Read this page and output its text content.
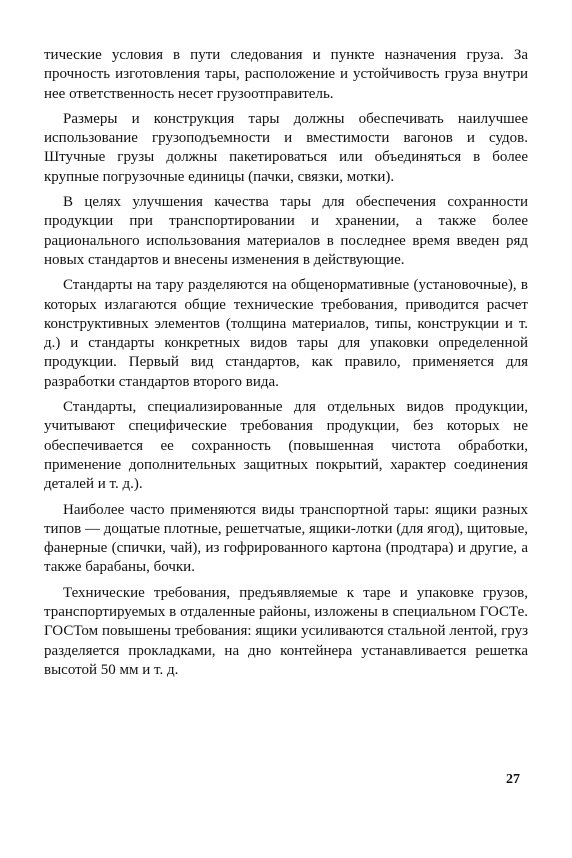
тические условия в пути следования и пункте назначения груза. За прочность изготовления тары, расположение и устойчивость груза внутри нее ответственность несет грузоотправитель.

Размеры и конструкция тары должны обеспечивать наилучшее использование грузоподъемности и вместимости вагонов и судов. Штучные грузы должны пакетироваться или объединяться в более крупные погрузочные единицы (пачки, связки, мотки).

В целях улучшения качества тары для обеспечения сохранности продукции при транспортировании и хранении, а также более рационального использования материалов в последнее время введен ряд новых стандартов и внесены изменения в действующие.

Стандарты на тару разделяются на общенормативные (установочные), в которых излагаются общие технические требования, приводится расчет конструктивных элементов (толщина материалов, типы, конструкции и т. д.) и стандарты конкретных видов тары для упаковки определенной продукции. Первый вид стандартов, как правило, применяется для разработки стандартов второго вида.

Стандарты, специализированные для отдельных видов продукции, учитывают специфические требования продукции, без которых не обеспечивается ее сохранность (повышенная чистота обработки, применение дополнительных защитных покрытий, характер соединения деталей и т. д.).

Наиболее часто применяются виды транспортной тары: ящики разных типов — дощатые плотные, решетчатые, ящики-лотки (для ягод), щитовые, фанерные (спички, чай), из гофрированного картона (продтара) и другие, а также барабаны, бочки.

Технические требования, предъявляемые к таре и упаковке грузов, транспортируемых в отдаленные районы, изложены в специальном ГОСТе. ГОСТом повышены требования: ящики усиливаются стальной лентой, груз разделяется прокладками, на дно контейнера устанавливается решетка высотой 50 мм и т. д.

27
